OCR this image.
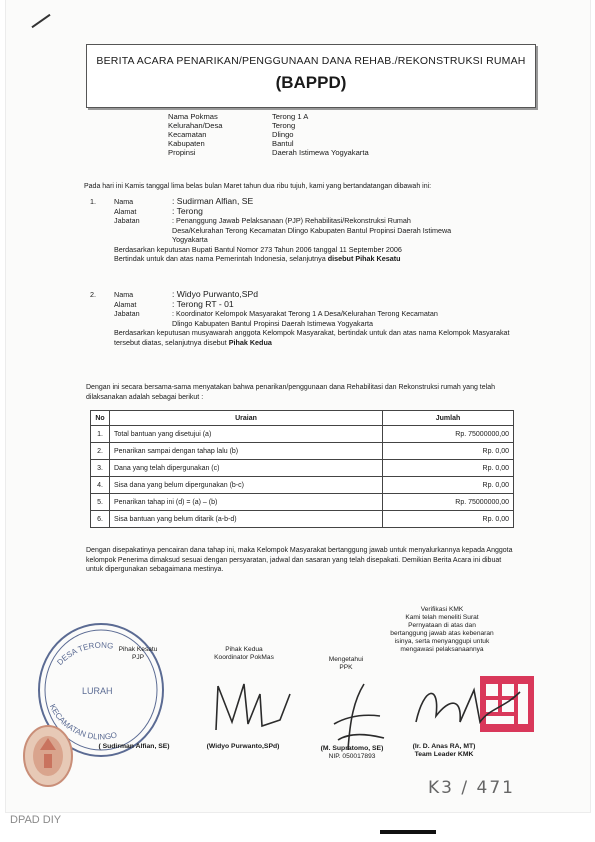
BERITA ACARA PENARIKAN/PENGGUNAAN DANA REHAB./REKONSTRUKSI RUMAH
(BAPPD)
Nama Pokmas	Terong 1 A
Kelurahan/Desa	Terong
Kecamatan	Dlingo
Kabupaten	Bantul
Propinsi	Daerah Istimewa Yogyakarta
Pada hari ini Kamis tanggal lima belas bulan Maret tahun dua ribu tujuh, kami yang bertandatangan dibawah ini:
1.	Nama	: Sudirman Alfian, SE
Alamat	: Terong
Jabatan	: Penanggung Jawab Pelaksanaan (PJP) Rehabilitasi/Rekonstruksi Rumah Desa/Kelurahan Terong Kecamatan Dlingo Kabupaten Bantul Propinsi Daerah Istimewa Yogyakarta
Berdasarkan keputusan Bupati Bantul Nomor 273 Tahun 2006 tanggal 11 September 2006
Bertindak untuk dan atas nama Pemerintah Indonesia, selanjutnya disebut Pihak Kesatu
2.	Nama	: Widyo Purwanto,SPd
Alamat	: Terong RT - 01
Jabatan	: Koordinator Kelompok Masyarakat Terong 1 A Desa/Kelurahan Terong Kecamatan Dlingo Kabupaten Bantul Propinsi Daerah Istimewa Yogyakarta
Berdasarkan keputusan musyawarah anggota Kelompok Masyarakat, bertindak untuk dan atas nama Kelompok Masyarakat tersebut diatas, selanjutnya disebut Pihak Kedua
Dengan ini secara bersama-sama menyatakan bahwa penarikan/penggunaan dana Rehabilitasi dan Rekonstruksi rumah yang telah dilaksanakan adalah sebagai berikut :
No	Uraian	Jumlah
1.	Total bantuan yang disetujui (a)	Rp. 75000000,00
2.	Penarikan sampai dengan tahap lalu (b)	Rp. 0,00
3.	Dana yang telah dipergunakan (c)	Rp. 0,00
4.	Sisa dana yang belum dipergunakan (b-c)	Rp. 0,00
5.	Penarikan tahap ini (d) = (a) – (b)	Rp. 75000000,00
6.	Sisa bantuan yang belum ditarik (a-b-d)	Rp. 0,00
Dengan disepakatinya pencairan dana tahap ini, maka Kelompok Masyarakat bertanggung jawab untuk menyalurkannya kepada Anggota kelompok Penerima dimaksud sesuai dengan persyaratan, jadwal dan sasaran yang telah disepakati. Demikian Berita Acara ini dibuat untuk dipergunakan sebagaimana mestinya.
DESA TERONG
LURAH
KECAMATAN DLINGO
Pihak Kesatu
PJP
( Sudirman Alfian, SE)
Pihak Kedua
Koordinator PokMas
(Widyo Purwanto,SPd)
Mengetahui
PPK
(M. Supratomo, SE)
NIP. 050017893
Verifikasi KMK
Kami telah meneliti Surat Pernyataan di atas dan bertanggung jawab atas kebenaran isinya, serta menyanggupi untuk mengawasi pelaksanaannya
(Ir. D. Anas RA, MT)
Team Leader KMK
K3 / 471
DPAD DIY
